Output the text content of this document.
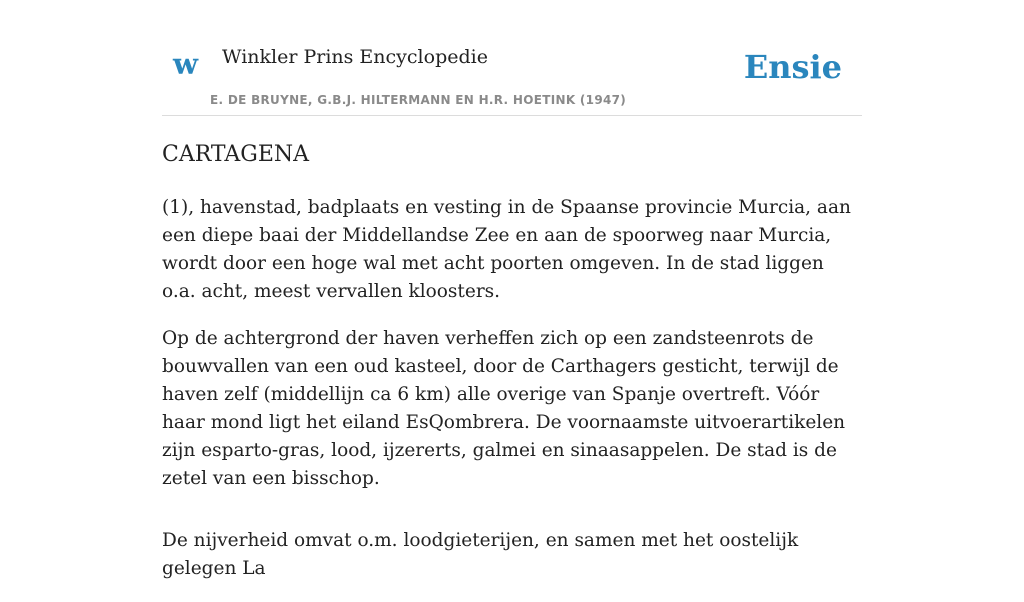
w Winkler Prins Encyclopedie
E. DE BRUYNE, G.B.J. HILTERMANN EN H.R. HOETINK (1947)
Ensie
CARTAGENA

(1), havenstad, badplaats en vesting in de Spaanse provincie Murcia, aan een diepe baai der Middellandse Zee en aan de spoorweg naar Murcia, wordt door een hoge wal met acht poorten omgeven. In de stad liggen o.a. acht, meest vervallen kloosters.

Op de achtergrond der haven verheffen zich op een zandsteenrots de bouwvallen van een oud kasteel, door de Carthagers gesticht, terwijl de haven zelf (middellijn ca 6 km) alle overige van Spanje overtreft. Vóór haar mond ligt het eiland EsQombrera. De voornaamste uitvoerartikelen zijn esparto-gras, lood, ijzererts, galmei en sinaasappelen. De stad is de zetel van een bisschop.

De nijverheid omvat o.m. loodgieterijen, en samen met het oostelijk gelegen La
